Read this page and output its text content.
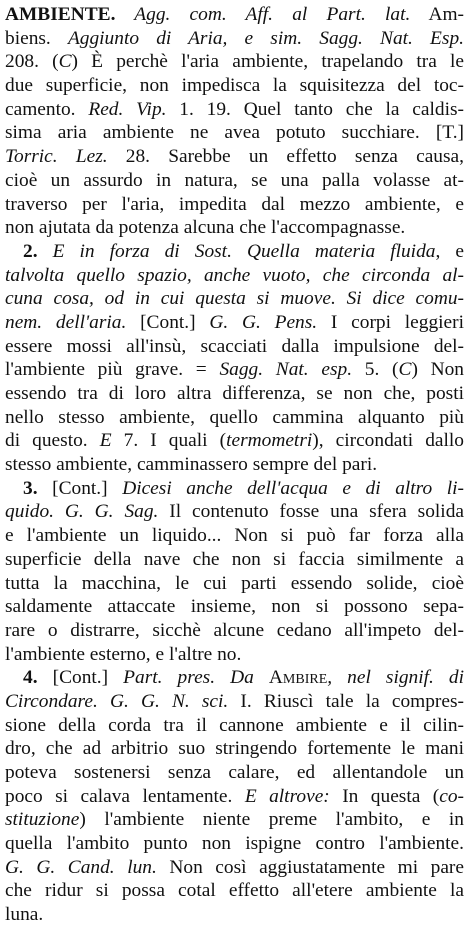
AMBIENTE. Agg. com. Aff. al Part. lat. Am-
biens. Aggiunto di Aria, e sim. Sagg. Nat. Esp.
208. (C) È perchè l'aria ambiente, trapelando tra le
due superficie, non impedisca la squisitezza del toc-
camento. Red. Vip. 1. 19. Quel tanto che la caldis-
sima aria ambiente ne avea potuto succhiare. [T.]
Torric. Lez. 28. Sarebbe un effetto senza causa,
cioè un assurdo in natura, se una palla volasse at-
traverso per l'aria, impedita dal mezzo ambiente, e
non ajutata da potenza alcuna che l'accompagnasse.
2. E in forza di Sost. Quella materia fluida, e
talvolta quello spazio, anche vuoto, che circonda al-
cuna cosa, od in cui questa si muove. Si dice comu-
nem. dell'aria. [Cont.] G. G. Pens. I corpi leggieri
essere mossi all'insù, scacciati dalla impulsione del-
l'ambiente più grave. = Sagg. Nat. esp. 5. (C) Non
essendo tra di loro altra differenza, se non che, posti
nello stesso ambiente, quello cammina alquanto più
di questo. E 7. I quali (termometri), circondati dallo
stesso ambiente, camminassero sempre del pari.
3. [Cont.] Dicesi anche dell'acqua e di altro li-
quido. G. G. Sag. Il contenuto fosse una sfera solida
e l'ambiente un liquido... Non si può far forza alla
superficie della nave che non si faccia similmente a
tutta la macchina, le cui parti essendo solide, cioè
saldamente attaccate insieme, non si possono sepa-
rare o distrarre, sicchè alcune cedano all'impeto del-
l'ambiente esterno, e l'altre no.
4. [Cont.] Part. pres. Da Ambire, nel signif. di
Circondare. G. G. N. sci. I. Riuscì tale la compres-
sione della corda tra il cannone ambiente e il cilin-
dro, che ad arbitrio suo stringendo fortemente le mani
poteva sostenersi senza calare, ed allentandole un
poco si calava lentamente. E altrove: In questa (co-
stituzione) l'ambiente niente preme l'ambito, e in
quella l'ambito punto non ispigne contro l'ambiente.
G. G. Cand. lun. Non così aggiustatamente mi pare
che ridur si possa cotal effetto all'etere ambiente la
luna.
